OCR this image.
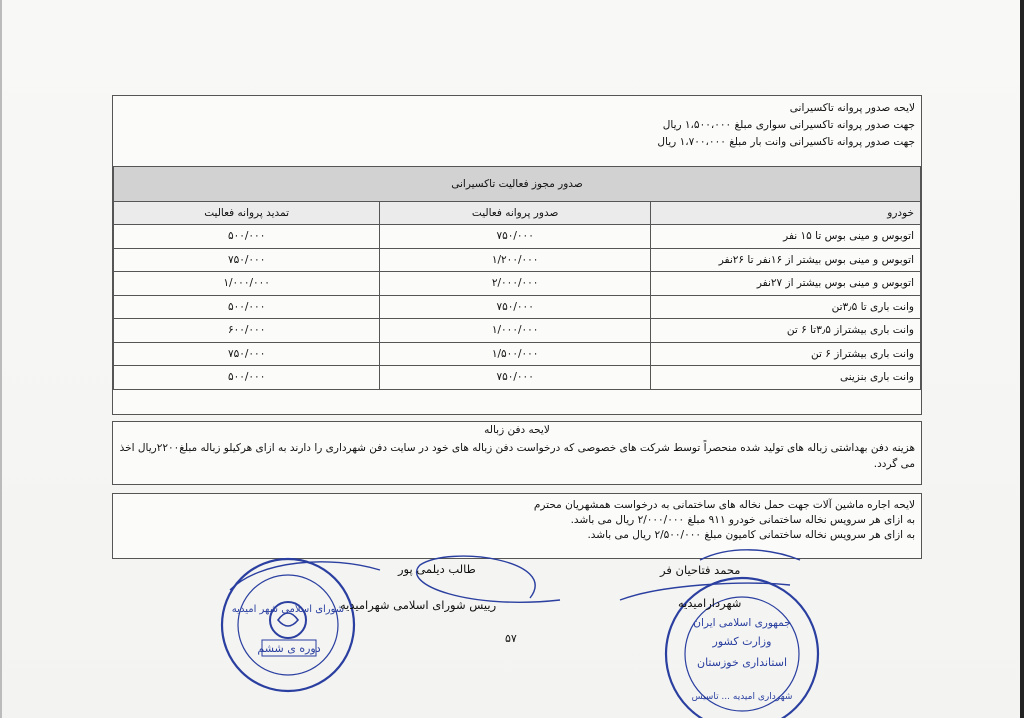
لایحه صدور پروانه تاکسیرانی
جهت صدور پروانه تاکسیرانی سواری مبلغ ۱،۵۰۰،۰۰۰ ریال
جهت صدور پروانه تاکسیرانی وانت بار مبلغ ۱،۷۰۰،۰۰۰ ریال
صدور مجوز فعالیت تاکسیرانی		
خودرو	صدور پروانه فعالیت	تمدید پروانه فعالیت
اتوبوس و مینی بوس تا ۱۵ نفر	۷۵۰/۰۰۰	۵۰۰/۰۰۰
اتوبوس و مینی بوس بیشتر از ۱۶نفر تا ۲۶نفر	۱/۲۰۰/۰۰۰	۷۵۰/۰۰۰
اتوبوس و مینی بوس بیشتر از ۲۷نفر	۲/۰۰۰/۰۰۰	۱/۰۰۰/۰۰۰
وانت باری تا ۳٫۵تن	۷۵۰/۰۰۰	۵۰۰/۰۰۰
وانت باری بیشتراز ۳٫۵تا ۶ تن	۱/۰۰۰/۰۰۰	۶۰۰/۰۰۰
وانت باری بیشتراز ۶ تن	۱/۵۰۰/۰۰۰	۷۵۰/۰۰۰
وانت باری بنزینی	۷۵۰/۰۰۰	۵۰۰/۰۰۰
لایحه دفن زباله
هزینه دفن بهداشتی زباله های تولید شده منحصراً توسط شرکت های خصوصی که درخواست دفن زباله های خود در سایت دفن شهرداری را دارند به ازای هرکیلو زباله مبلغ۲۲۰۰ریال اخذ می گردد.
لایحه اجاره ماشین آلات جهت حمل نخاله های ساختمانی به درخواست همشهریان محترم
به ازای هر سرویس نخاله ساختمانی خودرو ۹۱۱ مبلغ ۲/۰۰۰/۰۰۰ ریال می باشد.
به ازای هر سرویس نخاله ساختمانی کامیون مبلغ ۲/۵۰۰/۰۰۰ ریال می باشد.
شورای اسلامی شهر امیدیه
دوره ی ششم
جمهوری اسلامی ایران
وزارت کشور
استانداری خوزستان
شهرداری امیدیه ... تاسیس
محمد فتاحیان فر
شهردارامیدیه
طالب دیلمی پور
رییس شورای اسلامی شهرامیدیه
۵۷
